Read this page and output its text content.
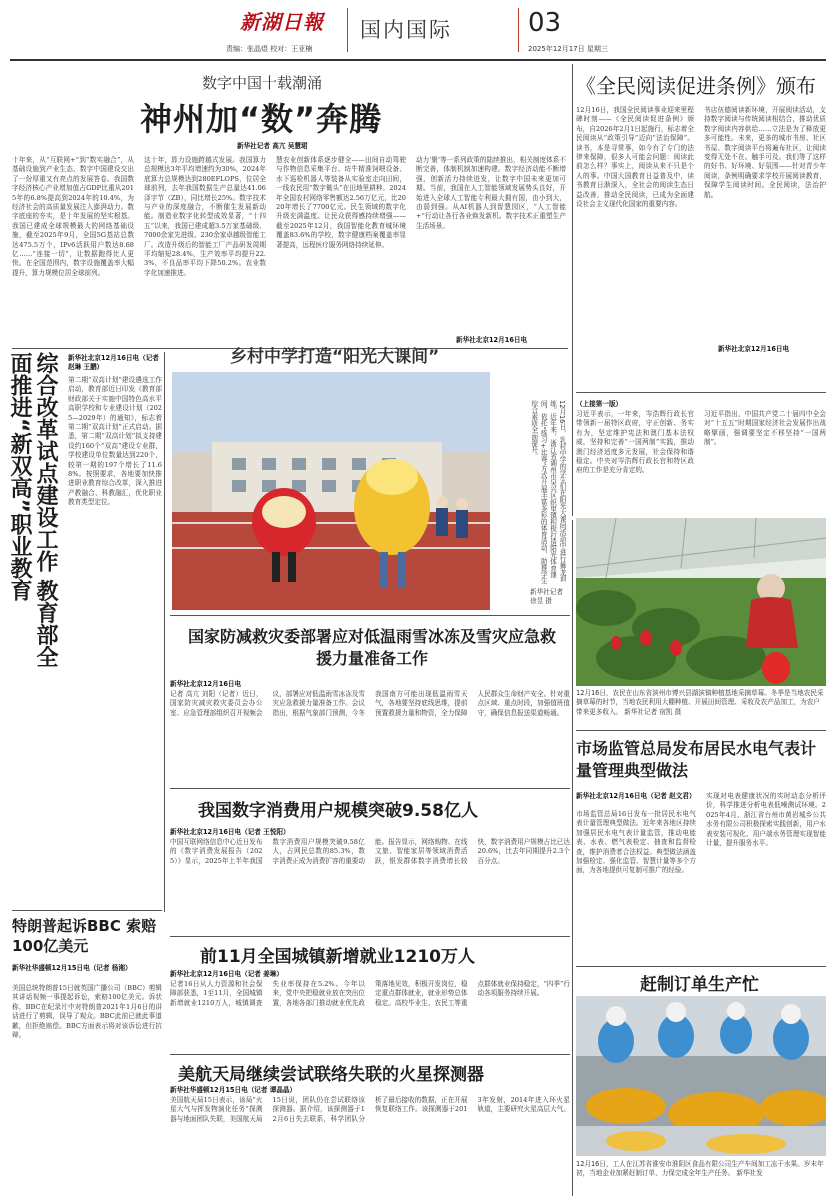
新湖日報
责编：张晶煜 校对：王亚楠
国内国际	03
2025年12月17日 星期三
数字中国十载潮涌
神州加“数”奔腾
新华社记者 高亢 吴慧珺
十年来，从“互联网+”到“数实融合”，从基础设施到产业生态，数字中国建设交出了一份厚重又有亮点的发展答卷。我国数字经济核心产业增加值占GDP比重从2015年的6.8%提高到2024年的10.4%，为经济社会的高质量发展注入澎湃动力。数字底座的夯实，是十年发展的坚实根基。我国已建成全球规模最大的网络基础设施，截至2025年9月，全国5G基站总数达475.5万个，IPv6活跃用户数达8.68亿……“连接一切”，让数据跑得比人更快。在全国范围内，数字设施覆盖率大幅提升，算力规模位居全球前列。
这十年，算力设施跨越式发展。我国算力总规模达3年平均增速约为30%，2024年底算力总规模达到280EFLOPS，位居全球前列，去年我国数据生产总量达41.06泽字节（ZB），同比增长25%。数字技术与产业的深度融合，不断催生发展新动能。制造业数字化转型成效显著，“十四五”以来，我国已建成超3.5万家基础级、7000余家先进级、230余家卓越级智能工厂。改造升级后的智能工厂产品研发周期平均缩短28.4%，生产效率平均提升22.3%，不良品率平均下降50.2%。农业数字化加速推进。
慧农业创新体系逐步健全——田间自动驾驶与作物信息采集平台、坊牛精准饲喂设备、水下巡检机器人等装备从实验室走向田间，一线农民用“数字锄头”在田地里耕种。2024年全国农村网络零售额达2.56万亿元，比2020年增长了7700亿元。民生领域的数字化升级充满温度。让民众获得感持续增强——截至2025年12月，我国智能化教育城环境覆盖83.6%的学校，数字健康档案覆盖率显著提高，远程医疗服务网络持续延伸。
动力‘聚’等一系列政策的陆续推出，相关制度体系不断完善，体制机制加速构建。数字经济动能不断增强，创新活力持续迸发，让数字中国未来更加可期。当前，我国在人工智能领域发展势头良好，开始进入全球人工智能专利最大拥有国，由小到大，由弱到强。从AI机器人到智慧园区，“人工智能+”行动让各行各业焕发新机。数字技术正重塑生产生活场景。
新华社北京12月16日电
《全民阅读促进条例》颁布
12月16日，我国全民阅读事业迎来里程碑时刻——《全民阅读促进条例》颁布，自2026年2月1日起施行，标志着全民阅读从“政策引导”迈向“法治保障”。读书，本是寻常事，如今有了专门的法律来保障，很多人可能会问题：阅读此前怎么样？事实上，阅读从来不只是个人的事。中国大国教育日益普及中，读书教育日渐深入，全社会的阅读生态日益改善，推动全民阅读，已成为全面建设社会主义现代化国家的重要内容。
书店伍德阅读新环境，开展阅读活动，支持数字阅读与传统阅读相结合，推动优质数字阅读内容供给……立法是为了释放更多可能性。未来，更多的城市书房、社区书屋、数字阅读平台将遍布社区，让阅读变得无处不在。触手可及。我们等了这样的好书、好环境、好氛围——针对青少年阅读，条例明确要求学校开展阅读教育，保障学生阅读时间。全民阅读，法治护航。
新华社北京12月16日电
综合改革试点建设工作 教育部全面推进“新双高”职业教育	新华社北京12月16日电（记者 赵琳 王鹏）
第二期“双高计划”建设遴选工作启动，教育部近日印发《教育部 财政部关于实施中国特色高水平高职学校和专业建设计划（2025—2029年）的通知》，标志着第二期“双高计划”正式启动。据悉，第二期“双高计划”拟支持建设约160个“双高”建设专业群，学校建设单位数量达到220个，较第一期的197个增长了11.68%。按照要求，各地要加快推进职业教育综合改革，深入推进产教融合、科教融汇，优化职业教育类型定位。
乡村中学打造“阳光大课间”
12月16日，乳村中学的学生们在阳光大课间活动中进行舞龙训练。近年来，浙江省湖州市吴兴区织里镇积极打造阳光体育课间，依托“练习+比赛”方式开展丰富多彩的体育活动，助推学生综合素质全面提升。
新华社记者 徐昱 摄
（上接第一版）
习近平表示，一年来，岑浩辉行政长官带领新一届特区政府，守正创新、务实有为，坚定维护宪法和澳门基本法权威，坚持和完善“一国两制”实践，推动澳门经济适度多元发展，社会保持和谐稳定。中央对岑浩辉行政长官和特区政府的工作是充分肯定的。
习近平指出，中国共产党二十届四中全会对“十五五”时期国家经济社会发展作出战略擘画，强调要坚定不移坚持“一国两制”。
12月16日，农民在山东省滨州市博兴县湖滨镇种植基地采摘草莓。冬季是当地农民采摘草莓的时节，当地农民利用大棚种植、开展田间管理、采收及农产品加工，为农户带来更多收入。 新华社记者 宿凯 摄
国家防减救灾委部署应对低温雨雪冰冻及雪灾应急救援力量准备工作
新华社北京12月16日电
记者 高亢 刘阳（记者）近日，国家防灾减灾救灾委员会办公室、应急管理部组织召开视频会议，部署应对低温雨雪冰冻及雪灾应急救援力量准备工作。会议指出，根据气象部门预测，今冬我国南方可能出现低温雨雪天气，各地要坚持底线思维，提前预置救援力量和物资，全力保障人民群众生命财产安全。针对重点区域、重点时段，加强值班值守，确保信息报送渠道畅通。
我国数字消费用户规模突破9.58亿人
新华社北京12月16日电（记者 王悦阳）
中国互联网络信息中心近日发布的《数字消费发展报告（2025）》显示，2025年上半年我国数字消费用户规模突破9.58亿人，占网民总数的85.3%，数字消费正成为消费扩容的重要动能。报告显示，网络购物、在线文旅、智能家居等领域消费活跃，银发群体数字消费增长较快，数字消费用户规模占比已达20.6%，比去年同期提升2.3个百分点。
前11月全国城镇新增就业1210万人
新华社北京12月16日电（记者 姜琳）
记者16日从人力资源和社会保障部获悉，1至11月，全国城镇新增就业1210万人，城镇调查失业率保持在5.2%。今年以来，党中央把稳就业放在突出位置，各地各部门推动就业优先政策落地见效，积极开发岗位，稳定重点群体就业，就业形势总体稳定。高校毕业生、农民工等重点群体就业保持稳定，“四季”行动各项服务持续开展。
美航天局继续尝试联络失联的火星探测器
新华社华盛顿12月15日电（记者 谭晶晶）
美国航天局15日表示，该局“火星大气与挥发物演化任务”探测器与地面团队失联，美国航天局15日说，团队仍在尝试联络该探测器。据介绍，该探测器于12月6日失去联系，科学团队分析了最后接收的数据，正在开展恢复联络工作。该探测器于2013年发射，2014年进入环火星轨道，主要研究火星高层大气。
特朗普起诉BBC 索赔100亿美元
新华社华盛顿12月15日电（记者 杨湘）
美国总统特朗普15日就英国广播公司（BBC）剪辑其讲话视频一事提起诉讼，索赔100亿美元。诉状称，BBC在纪录片中对特朗普2021年1月6日的讲话进行了剪辑，误导了观众。BBC此前已就此事道歉，但拒绝赔偿。BBC方面表示将对该诉讼进行抗辩。
市场监管总局发布居民水电气表计量管理典型做法
新华社北京12月16日电（记者 赵文君）
市场监管总局16日发布一批居民水电气表计量管理典型做法。近年来各地区持续加强居民水电气表计量监管，推动电能表、水表、燃气表检定、抽查和监督检查，维护消费者合法权益。典型做法涵盖加强检定、强化监管、智慧计量等多个方面，为各地提供可复制可推广的经验。
实现对电表健康状况的实时动态分析评价，科学推进分析电表低噪测试环境。2025年4月，浙江省台州市黄岩城乡公共水务有限公司积极探索实践创新，用户水表安装可视化、用户端水务管理实现智能计量，提升服务水平。
赶制订单生产忙
12月16日，工人在江苏省淮安市淮阴区食品有限公司生产车间加工冻干水果。岁末年初，当地企业加紧赶制订单，力保完成全年生产任务。 新华社发
